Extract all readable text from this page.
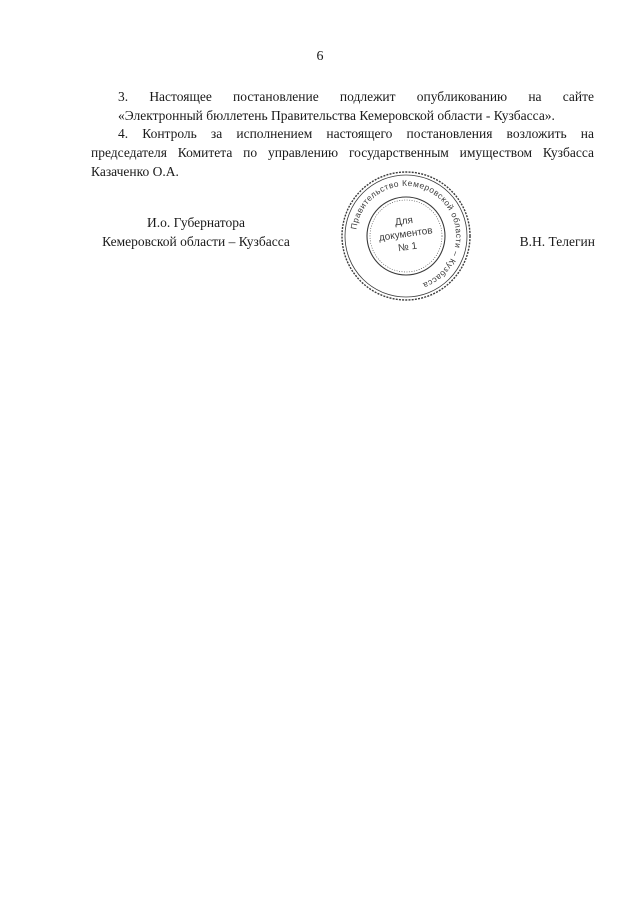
6

3. Настоящее постановление подлежит опубликованию на сайте
«Электронный бюллетень Правительства Кемеровской области - Кузбасса».

4. Контроль за исполнением настоящего постановления возложить на

председателя Комитета по управлению государственным имуществом Кузбасса
Казаченко О.А.

И.о. Губернатора
Кемеровской области – Кузбасса	В.Н. Телегин
Правительство Кемеровской области – Кузбасса
Для
документов
№ 1
